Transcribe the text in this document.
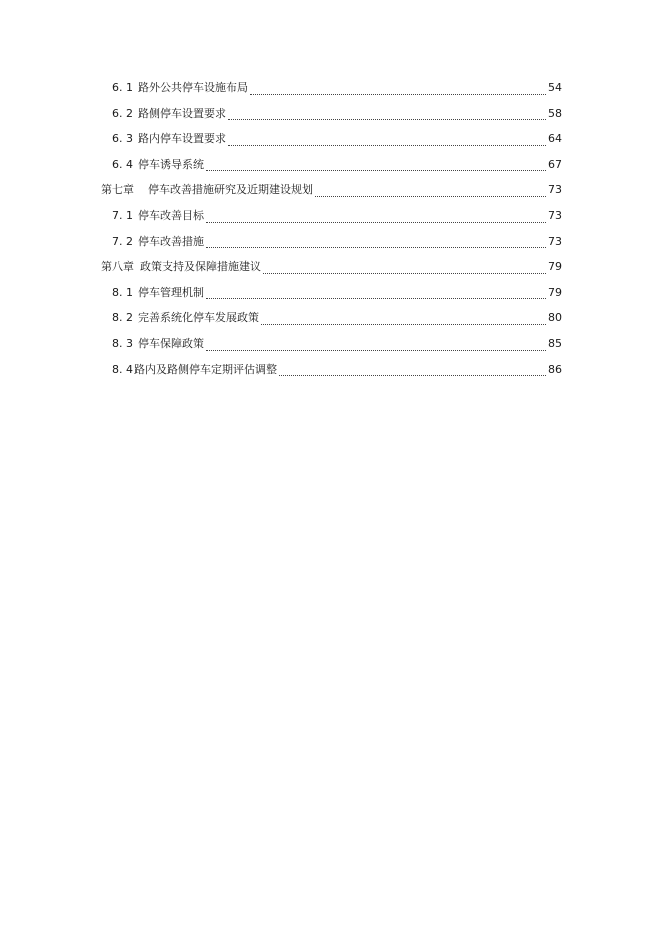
6. 1 路外公共停车设施布局	54
6. 2 路侧停车设置要求	58
6. 3 路内停车设置要求	64
6. 4 停车诱导系统	67
第七章 停车改善措施研究及近期建设规划	73
7. 1 停车改善目标	73
7. 2 停车改善措施	73
第八章 政策支持及保障措施建议	79
8. 1 停车管理机制	79
8. 2 完善系统化停车发展政策	80
8. 3 停车保障政策	85
8. 4 路内及路侧停车定期评估调整	86
